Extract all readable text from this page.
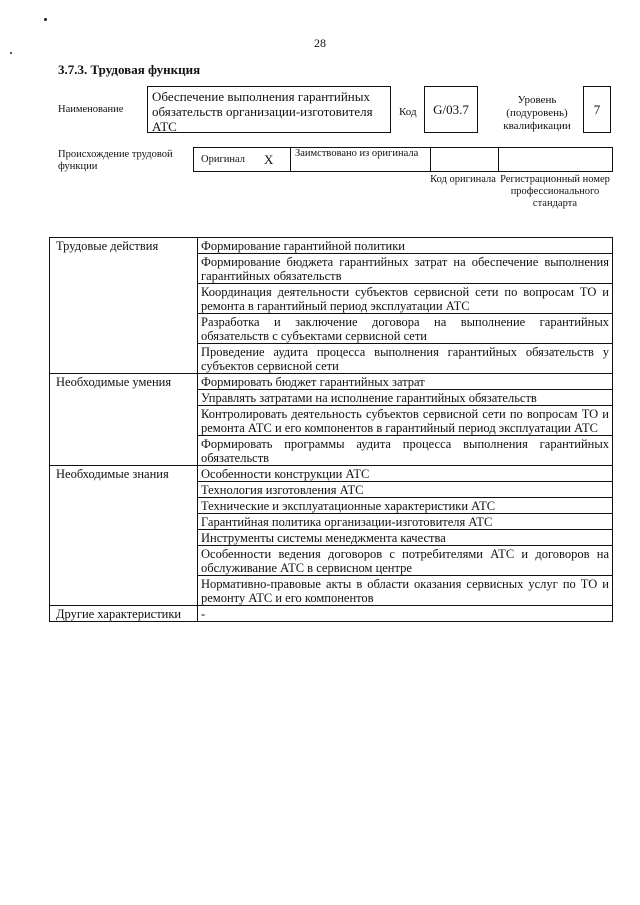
28
3.7.3. Трудовая функция
Наименование
Обеспечение выполнения гарантийных обязательств организации-изготовителя АТС
Код G/03.7
Уровень (подуровень) квалификации
7
Происхождение трудовой функции
Оригинал X Заимствовано из оригинала
Код оригинала Регистрационный номер профессионального стандарта
Трудовые действия	Формирование гарантийной политики
	Формирование бюджета гарантийных затрат на обеспечение выполнения гарантийных обязательств
	Координация деятельности субъектов сервисной сети по вопросам ТО и ремонта в гарантийный период эксплуатации АТС
	Разработка и заключение договора на выполнение гарантийных обязательств с субъектами сервисной сети
	Проведение аудита процесса выполнения гарантийных обязательств у субъектов сервисной сети
Необходимые умения	Формировать бюджет гарантийных затрат
	Управлять затратами на исполнение гарантийных обязательств
	Контролировать деятельность субъектов сервисной сети по вопросам ТО и ремонта АТС и его компонентов в гарантийный период эксплуатации АТС
	Формировать программы аудита процесса выполнения гарантийных обязательств
Необходимые знания	Особенности конструкции АТС
	Технология изготовления АТС
	Технические и эксплуатационные характеристики АТС
	Гарантийная политика организации-изготовителя АТС
	Инструменты системы менеджмента качества
	Особенности ведения договоров с потребителями АТС и договоров на обслуживание АТС в сервисном центре
	Нормативно-правовые акты в области оказания сервисных услуг по ТО и ремонту АТС и его компонентов
Другие характеристики	-
